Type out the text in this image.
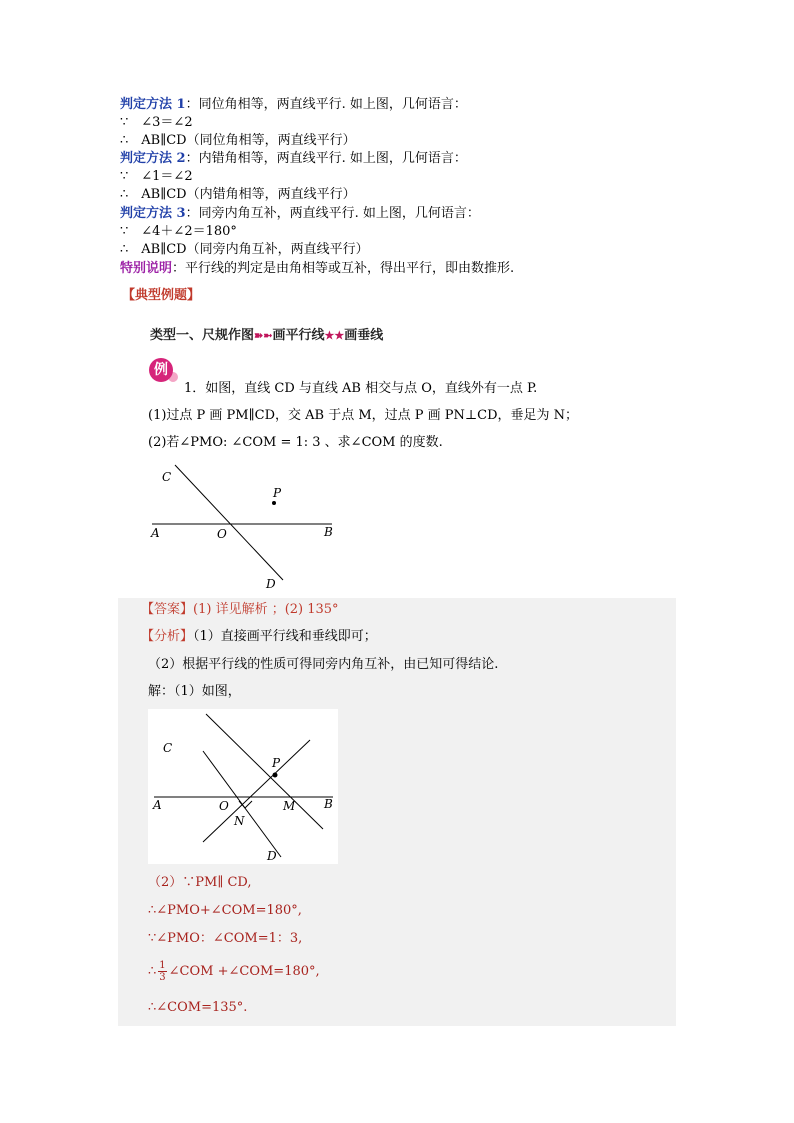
判定方法 1：同位角相等，两直线平行. 如上图，几何语言：
∵　∠3＝∠2
∴　AB∥CD（同位角相等，两直线平行）
判定方法 2：内错角相等，两直线平行. 如上图，几何语言：
∵　∠1＝∠2
∴　AB∥CD（内错角相等，两直线平行）
判定方法 3：同旁内角互补，两直线平行. 如上图，几何语言：
∵　∠4＋∠2＝180°
∴　AB∥CD（同旁内角互补，两直线平行）
特别说明：平行线的判定是由角相等或互补，得出平行，即由数推形.
【典型例题】
类型一、尺规作图➽➼画平行线★★画垂线
例
1．如图，直线 CD 与直线 AB 相交与点 O，直线外有一点 P.
(1)过点 P 画 PM∥CD，交 AB 于点 M，过点 P 画 PN⊥CD，垂足为 N；
(2)若∠PMO: ∠COM = 1: 3 、求∠COM 的度数.
C
P
A	O	B
D
【答案】(1) 详见解析 ；(2) 135°
【分析】（1）直接画平行线和垂线即可；
（2）根据平行线的性质可得同旁内角互补，由已知可得结论.
解：（1）如图，
C
P
A	O	M B
N
D
（2）∵PM∥ CD,
∴∠PMO+∠COM=180°,
∵∠PMO：∠COM=1：3,
∴ $\frac{1}{3}$ ∠COM +∠COM=180°,
∴∠COM=135°.
